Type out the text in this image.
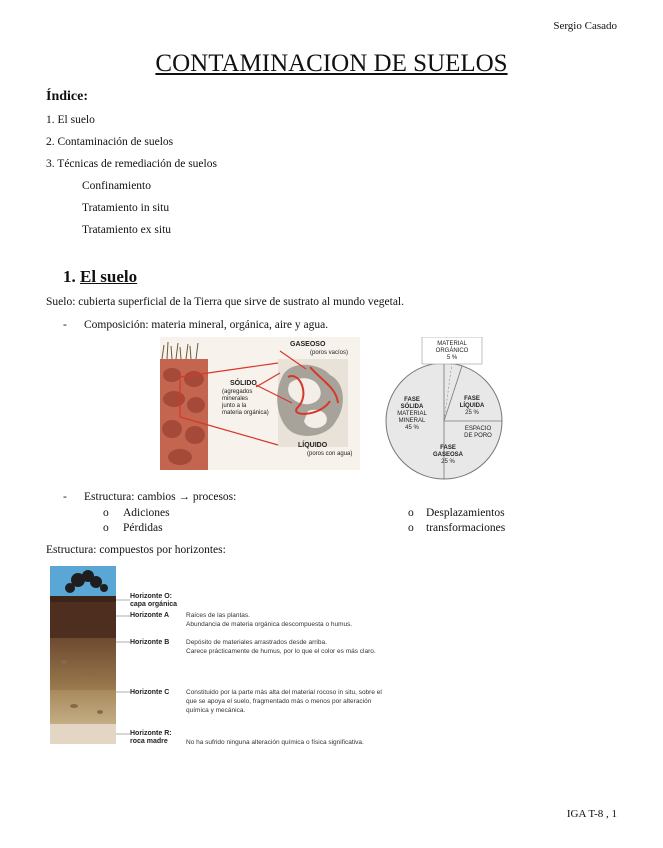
Sergio Casado
CONTAMINACION DE SUELOS
Índice:
1. El suelo
2. Contaminación de suelos
3. Técnicas de remediación de suelos
Confinamiento
Tratamiento in situ
Tratamiento ex situ
1. El suelo
Suelo: cubierta superficial de la Tierra que sirve de sustrato al mundo vegetal.
- Composición: materia mineral, orgánica, aire y agua.
GASEOSO
(poros vacíos)
SÓLIDO
(agregados
minerales
junto a la
materia orgánica)
LÍQUIDO
(poros con agua)
MATERIAL
ORGÁNICO
5 %
FASE
SÓLIDA
MATERIAL
MINERAL
45 %
FASE
LÍQUIDA
25 %
ESPACIO
DE PORO
FASE
GASEOSA
25 %
- Estructura: cambios → procesos:
o Adiciones
o Pérdidas
o Desplazamientos
o transformaciones
Estructura: compuestos por horizontes:
Horizonte O:
capa orgánica
Horizonte A
Horizonte B
Horizonte C
Horizonte R:
roca madre
Raíces de las plantas.
Abundancia de materia orgánica descompuesta o humus.
Depósito de materiales arrastrados desde arriba.
Carece prácticamente de humus, por lo que el color es más claro.
Constituido por la parte más alta del material rocoso in situ, sobre el
que se apoya el suelo, fragmentado más o menos por alteración
química y mecánica.
No ha sufrido ninguna alteración química o física significativa.
IGA T-8 , 1
